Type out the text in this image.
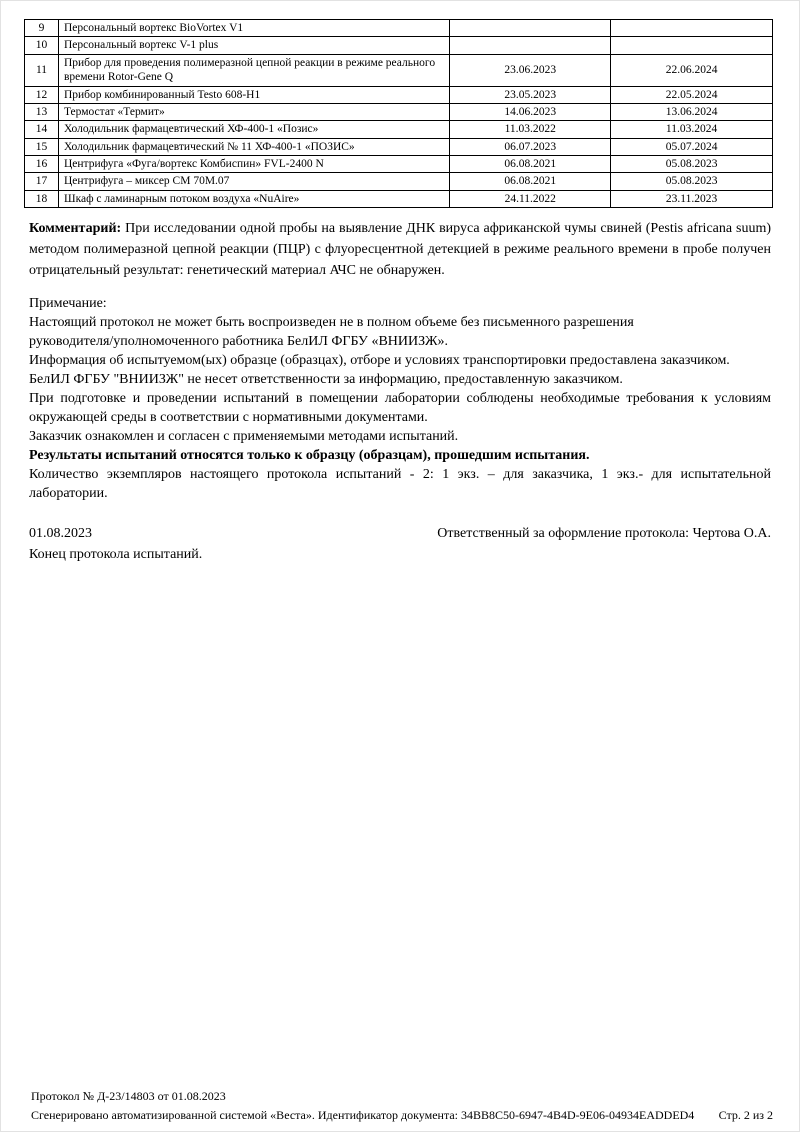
9	Персональный вортекс BioVortex V1		
10	Персональный вортекс V-1 plus		
11	Прибор для проведения полимеразной цепной реакции в режиме реального времени Rotor-Gene Q	23.06.2023	22.06.2024
12	Прибор комбинированный Testo 608-H1	23.05.2023	22.05.2024
13	Термостат «Термит»	14.06.2023	13.06.2024
14	Холодильник фармацевтический ХФ-400-1 «Позис»	11.03.2022	11.03.2024
15	Холодильник фармацевтический № 11 ХФ-400-1 «ПОЗИС»	06.07.2023	05.07.2024
16	Центрифуга «Фуга/вортекс Комбиспин» FVL-2400 N	06.08.2021	05.08.2023
17	Центрифуга – миксер СМ 70М.07	06.08.2021	05.08.2023
18	Шкаф с ламинарным потоком воздуха «NuAire»	24.11.2022	23.11.2023
Комментарий: При исследовании одной пробы на выявление ДНК вируса африканской чумы свиней (Pestis africana suum) методом полимеразной цепной реакции (ПЦР) с флуоресцентной детекцией в режиме реального времени в пробе получен отрицательный результат: генетический материал АЧС не обнаружен.

Примечание:

Настоящий протокол не может быть воспроизведен не в полном объеме без письменного разрешения

руководителя/уполномоченного работника БелИЛ ФГБУ «ВНИИЗЖ».

Информация об испытуемом(ых) образце (образцах), отборе и условиях транспортировки предоставлена заказчиком.

БелИЛ ФГБУ "ВНИИЗЖ" не несет ответственности за информацию, предоставленную заказчиком.

При подготовке и проведении испытаний в помещении лаборатории соблюдены необходимые требования к условиям окружающей среды в соответствии с нормативными документами.

Заказчик ознакомлен и согласен с применяемыми методами испытаний.

Результаты испытаний относятся только к образцу (образцам), прошедшим испытания.

Количество экземпляров настоящего протокола испытаний - 2: 1 экз. – для заказчика, 1 экз.- для испытательной лаборатории.

01.08.2023	Ответственный за оформление протокола: Чертова О.А.
Конец протокола испытаний.
Протокол № Д-23/14803 от 01.08.2023
Сгенерировано автоматизированной системой «Веста». Идентификатор документа: 34BB8C50-6947-4B4D-9E06-04934EADDED4 Стр. 2 из 2
